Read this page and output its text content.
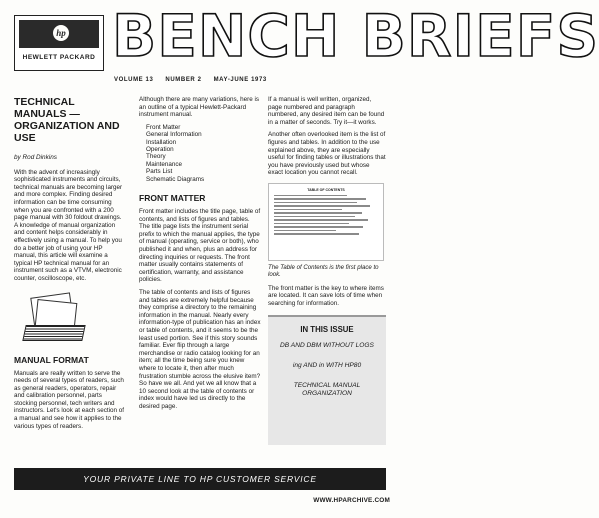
hp
HEWLETT PACKARD BENCH BRIEFS
VOLUME 13 NUMBER 2 MAY-JUNE 1973
TECHNICAL MANUALS — ORGANIZATION AND USE
by Rod Dinkins

With the advent of increasingly sophisticated instruments and circuits, technical manuals are becoming larger and more complex. Finding desired information can be time consuming when you are confronted with a 200 page manual with 30 foldout drawings. A knowledge of manual organization and content helps considerably in effectively using a manual. To help you do a better job of using your HP manual, this article will examine a typical HP technical manual for an instrument such as a VTVM, electronic counter, oscilloscope, etc.

MANUAL FORMAT

Manuals are really written to serve the needs of several types of readers, such as general readers, operators, repair and calibration personnel, parts stocking personnel, tech writers and instructors. Let's look at each section of a manual and see how it applies to the various types of readers.

Although there are many variations, here is an outline of a typical Hewlett-Packard instrument manual.

Front Matter
General Information
Installation
Operation
Theory
Maintenance
Parts List
Schematic Diagrams
FRONT MATTER

Front matter includes the title page, table of contents, and lists of figures and tables. The title page lists the instrument serial prefix to which the manual applies, the type of manual (operating, service or both), who published it and when, plus an address for directing inquiries or requests. The front matter usually contains statements of certification, warranty, and assistance policies.

The table of contents and lists of figures and tables are extremely helpful because they comprise a directory to the remaining information in the manual. Nearly every information-type of publication has an index or table of contents, and it seems to be the least used portion. See if this story sounds familiar. Ever flip through a large merchandise or radio catalog looking for an item; all the time being sure you knew where to locate it, then after much frustration stumble across the elusive item? So have we all. And yet we all know that a 10 second look at the table of contents or index would have led us directly to the desired page.

If a manual is well written, organized, page numbered and paragraph numbered, any desired item can be found in a matter of seconds. Try it—it works.

Another often overlooked item is the list of figures and tables. In addition to the use explained above, they are especially useful for finding tables or illustrations that you have previously used but whose exact location you cannot recall.

TABLE OF CONTENTS
The Table of Contents is the first place to look.

The front matter is the key to where items are located. It can save lots of time when searching for information.

IN THIS ISSUE
DB AND DBM WITHOUT LOGS
ing AND in WITH HP80
TECHNICAL MANUAL ORGANIZATION
YOUR PRIVATE LINE TO HP CUSTOMER SERVICE
WWW.HPARCHIVE.COM
